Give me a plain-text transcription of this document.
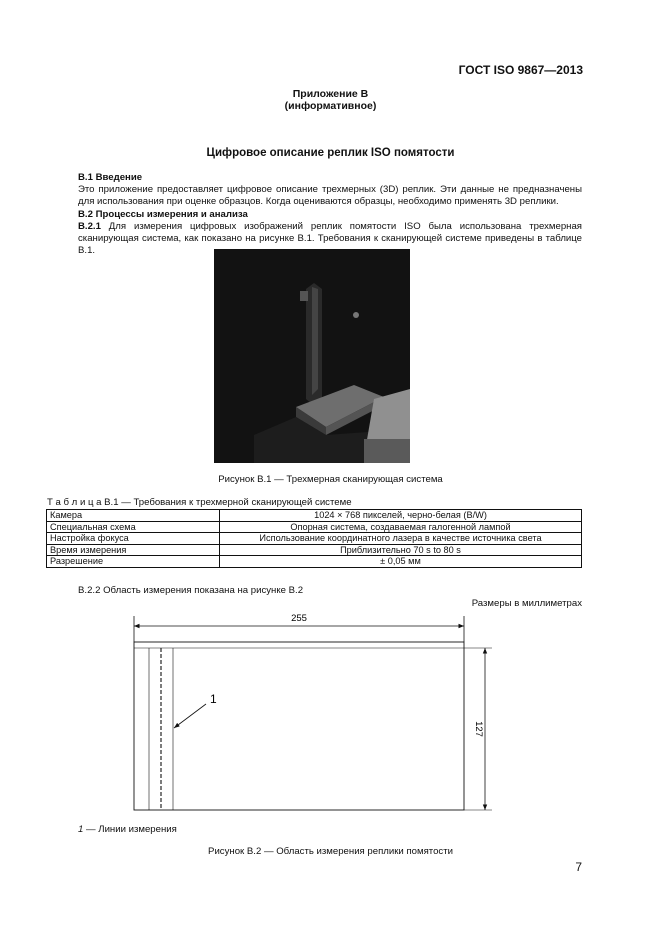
ГОСТ ISO 9867—2013
Приложение В
(информативное)
Цифровое описание реплик ISO помятости
В.1 Введение
Это приложение предоставляет цифровое описание трехмерных (3D) реплик. Эти данные не предназначены для использования при оценке образцов. Когда оцениваются образцы, необходимо применять 3D реплики.
В.2 Процессы измерения и анализа
В.2.1 Для измерения цифровых изображений реплик помятости ISO была использована трехмерная сканирующая система, как показано на рисунке В.1. Требования к сканирующей системе приведены в таблице В.1.
Рисунок В.1 — Трехмерная сканирующая система
Т а б л и ц а В.1 — Требования к трехмерной сканирующей системе
Камера	1024 × 768 пикселей, черно-белая (B/W)
Специальная схема	Опорная система, создаваемая галогенной лампой
Настройка фокуса	Использование координатного лазера в качестве источника света
Время измерения	Приблизительно 70 s to 80 s
Разрешение	± 0,05 мм
В.2.2 Область измерения показана на рисунке В.2
Размеры в миллиметрах
255
1
127
1 — Линии измерения
Рисунок В.2 — Область измерения реплики помятости
7
